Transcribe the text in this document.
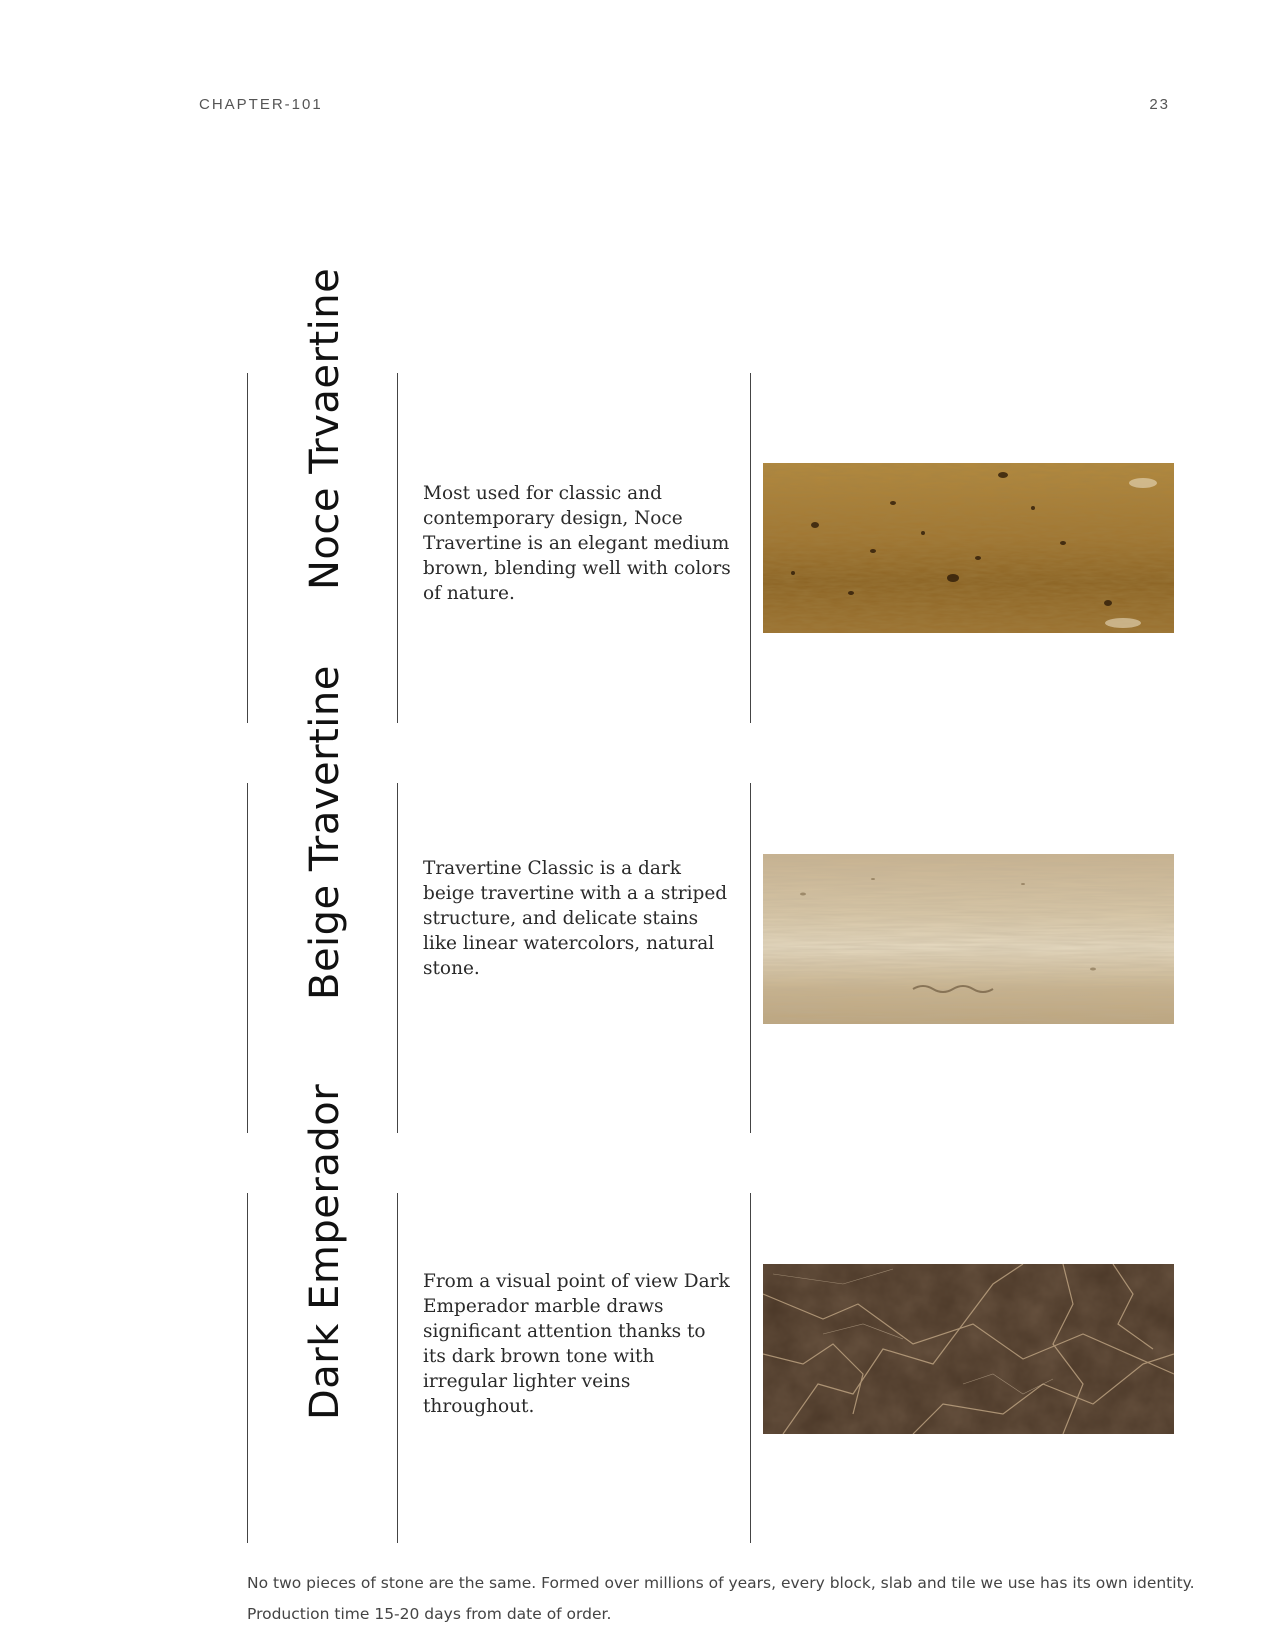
CHAPTER-101	23
Noce Trvaertine	Most used for classic and contemporary design, Noce Travertine is an elegant medium brown, blending well with colors of nature.

Beige Travertine	Travertine Classic is a dark beige travertine with a a striped structure, and delicate stains like linear watercolors, natural stone.

Dark Emperador	From a visual point of view Dark Emperador marble draws significant attention thanks to its dark brown tone with irregular lighter veins throughout.

No two pieces of stone are the same. Formed over millions of years, every block, slab and tile we use has its own identity.
Production time 15-20 days from date of order.
